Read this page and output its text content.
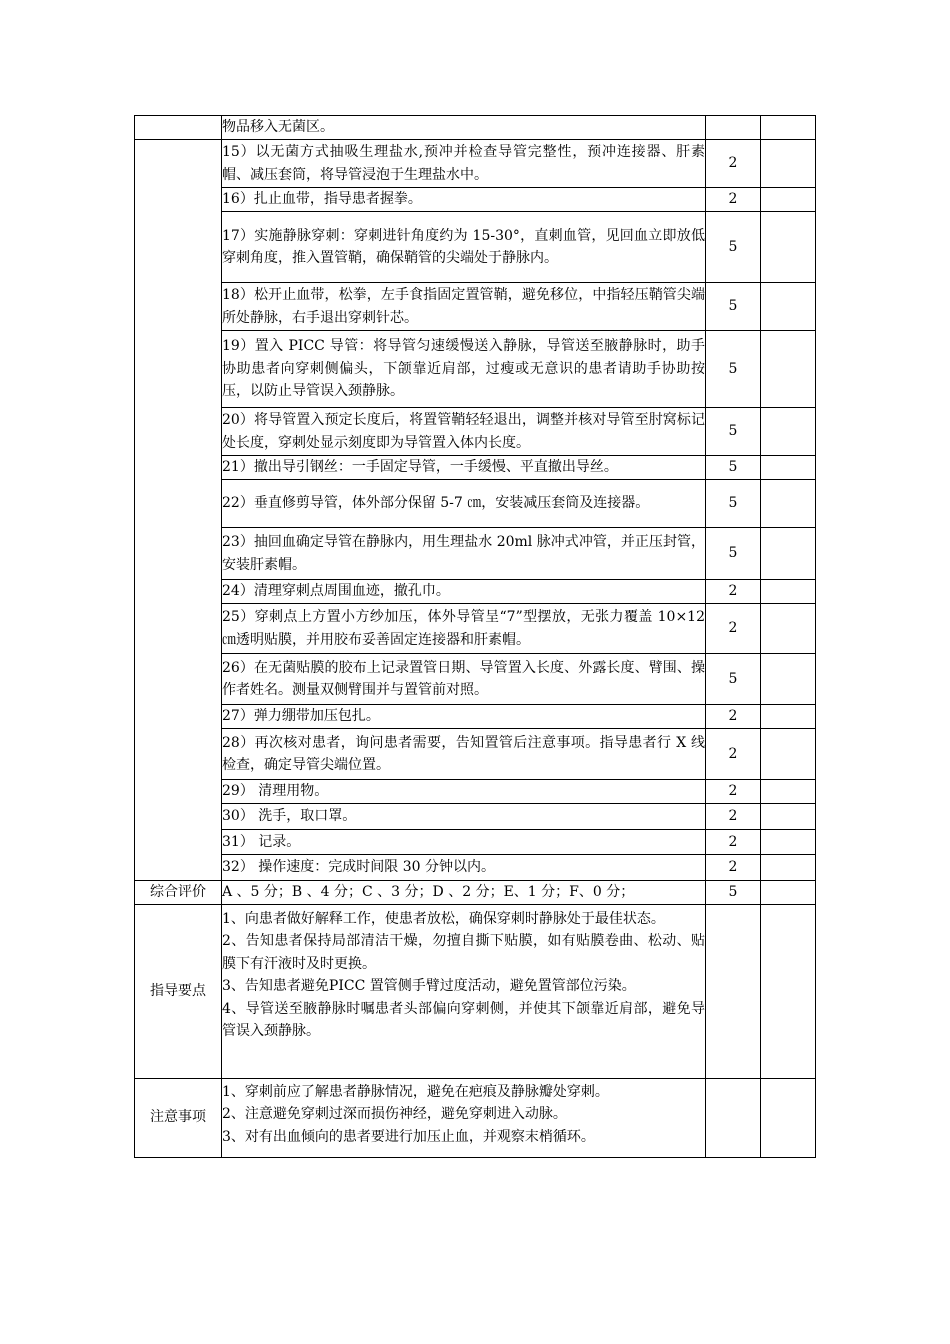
	物品移入无菌区。		

	15）以无菌方式抽吸生理盐水,预冲并检查导管完整性，预冲连接器、肝素帽、减压套筒，将导管浸泡于生理盐水中。	2	

	16）扎止血带，指导患者握拳。	2	

	17）实施静脉穿刺：穿刺进针角度约为 15-30°，直刺血管，见回血立即放低穿刺角度，推入置管鞘，确保鞘管的尖端处于静脉内。	5	

	18）松开止血带，松拳，左手食指固定置管鞘，避免移位，中指轻压鞘管尖端所处静脉，右手退出穿刺针芯。	5	

	19）置入 PICC 导管：将导管匀速缓慢送入静脉，导管送至腋静脉时，助手协助患者向穿刺侧偏头，下颌靠近肩部，过瘦或无意识的患者请助手协助按压，以防止导管误入颈静脉。	5	

	20）将导管置入预定长度后，将置管鞘轻轻退出，调整并核对导管至肘窝标记处长度，穿刺处显示刻度即为导管置入体内长度。	5	

	21）撤出导引钢丝：一手固定导管，一手缓慢、平直撤出导丝。	5	

	22）垂直修剪导管，体外部分保留 5-7 ㎝，安装减压套筒及连接器。	5	

	23）抽回血确定导管在静脉内，用生理盐水 20ml 脉冲式冲管，并正压封管，安装肝素帽。	5	

	24）清理穿刺点周围血迹，撤孔巾。	2	

	25）穿刺点上方置小方纱加压，体外导管呈“7”型摆放，无张力覆盖 10×12 ㎝透明贴膜，并用胶布妥善固定连接器和肝素帽。	2	

	26）在无菌贴膜的胶布上记录置管日期、导管置入长度、外露长度、臂围、操作者姓名。测量双侧臂围并与置管前对照。	5	

	27）弹力绷带加压包扎。	2	

	28）再次核对患者，询问患者需要，告知置管后注意事项。指导患者行 X 线检查，确定导管尖端位置。	2	

	29） 清理用物。	2	

	30） 洗手，取口罩。	2	

	31） 记录。	2	

	32） 操作速度：完成时间限 30 分钟以内。	2	
综合评价	A 、5 分；B 、4 分；C 、3 分；D 、2 分；E、1 分；F、0 分；	5	
指导要点	1、向患者做好解释工作，使患者放松，确保穿刺时静脉处于最佳状态。
2、告知患者保持局部清洁干燥，勿擅自撕下贴膜，如有贴膜卷曲、松动、贴膜下有汗液时及时更换。
3、告知患者避免PICC 置管侧手臂过度活动，避免置管部位污染。
4、导管送至腋静脉时嘱患者头部偏向穿刺侧，并使其下颌靠近肩部，避免导管误入颈静脉。		

注意事项	1、穿刺前应了解患者静脉情况，避免在疤痕及静脉瓣处穿刺。
2、注意避免穿刺过深而损伤神经，避免穿刺进入动脉。
3、对有出血倾向的患者要进行加压止血，并观察末梢循环。		
